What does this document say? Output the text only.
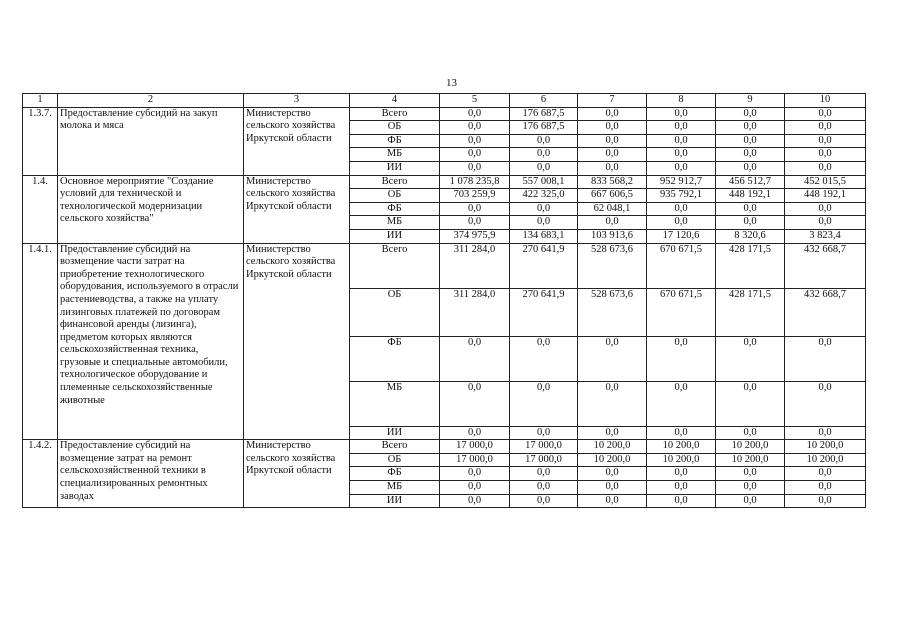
13
1	2	3	4	5	6	7	8	9	10
1.3.7.	Предоставление субсидий на закуп молока и мяса	Министерство сельского хозяйства Иркутской области	Всего	0,0	176 687,5	0,0	0,0	0,0	0,0
			ОБ	0,0	176 687,5	0,0	0,0	0,0	0,0
			ФБ	0,0	0,0	0,0	0,0	0,0	0,0
			МБ	0,0	0,0	0,0	0,0	0,0	0,0
			ИИ	0,0	0,0	0,0	0,0	0,0	0,0
1.4.	Основное мероприятие "Создание условий для технической и технологической модернизации сельского хозяйства"	Министерство сельского хозяйства Иркутской области	Всего	1 078 235,8	557 008,1	833 568,2	952 912,7	456 512,7	452 015,5
			ОБ	703 259,9	422 325,0	667 606,5	935 792,1	448 192,1	448 192,1
			ФБ	0,0	0,0	62 048,1	0,0	0,0	0,0
			МБ	0,0	0,0	0,0	0,0	0,0	0,0
			ИИ	374 975,9	134 683,1	103 913,6	17 120,6	8 320,6	3 823,4
1.4.1.	Предоставление субсидий на возмещение части затрат на приобретение технологического оборудования, используемого в отрасли растениеводства, а также на уплату лизинговых платежей по договорам финансовой аренды (лизинга), предметом которых являются сельскохозяйственная техника, грузовые и специальные автомобили, технологическое оборудование и племенные сельскохозяйственные животные	Министерство сельского хозяйства Иркутской области	Всего	311 284,0	270 641,9	528 673,6	670 671,5	428 171,5	432 668,7
			ОБ	311 284,0	270 641,9	528 673,6	670 671,5	428 171,5	432 668,7
			ФБ	0,0	0,0	0,0	0,0	0,0	0,0
			МБ	0,0	0,0	0,0	0,0	0,0	0,0
			ИИ	0,0	0,0	0,0	0,0	0,0	0,0
1.4.2.	Предоставление субсидий на возмещение затрат на ремонт сельскохозяйственной техники в специализированных ремонтных заводах	Министерство сельского хозяйства Иркутской области	Всего	17 000,0	17 000,0	10 200,0	10 200,0	10 200,0	10 200,0
			ОБ	17 000,0	17 000,0	10 200,0	10 200,0	10 200,0	10 200,0
			ФБ	0,0	0,0	0,0	0,0	0,0	0,0
			МБ	0,0	0,0	0,0	0,0	0,0	0,0
			ИИ	0,0	0,0	0,0	0,0	0,0	0,0
